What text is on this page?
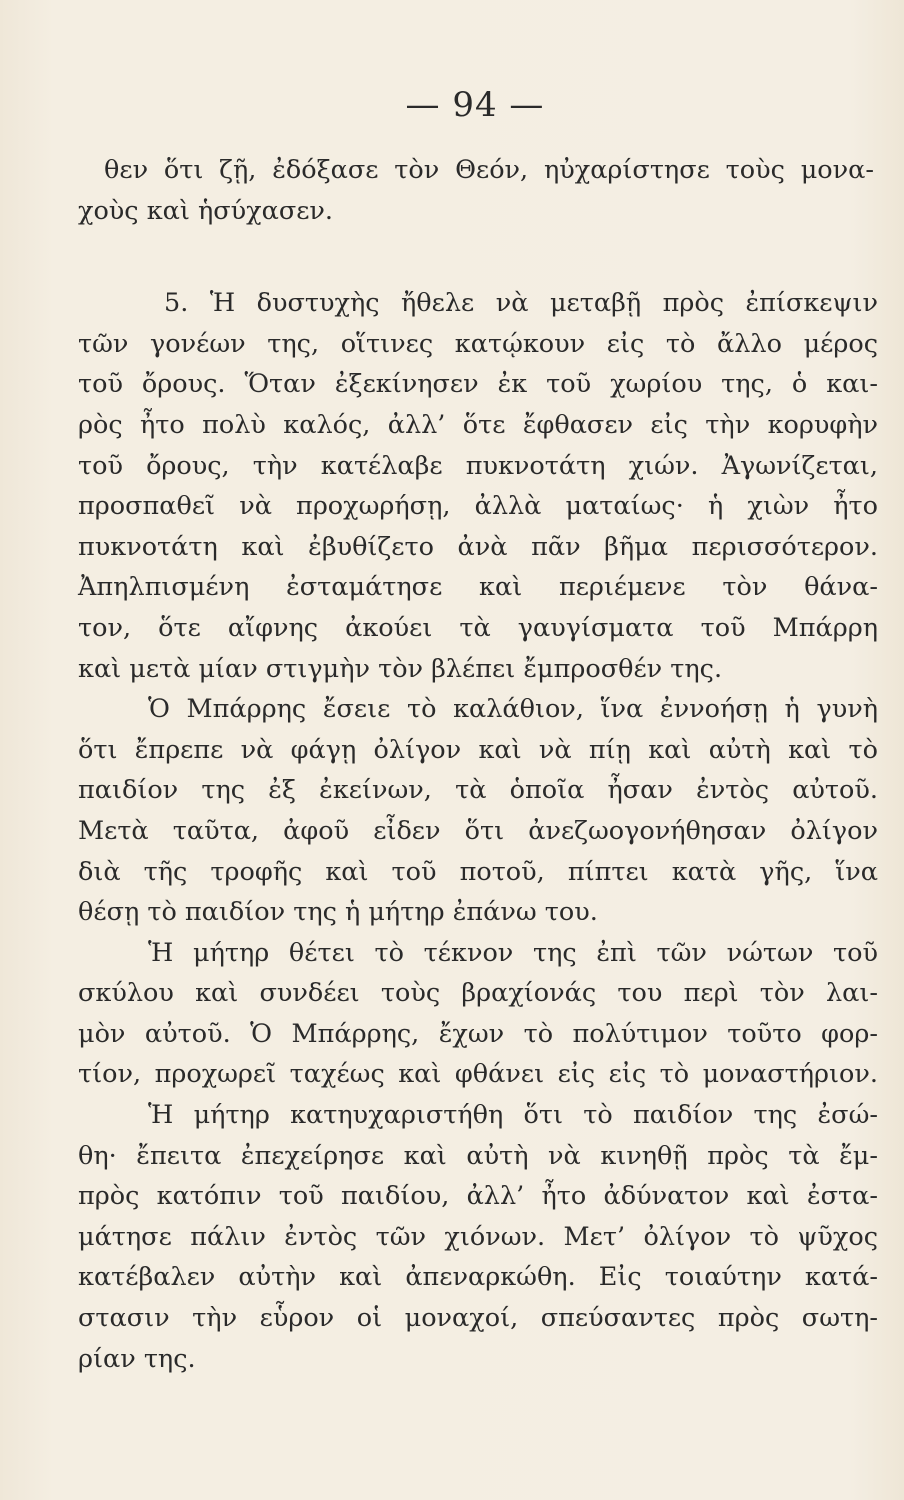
— 94 —
θεν ὅτι ζῇ, ἐδόξασε τὸν Θεόν, ηὐχαρίστησε τοὺς μονα-
χοὺς καὶ ἡσύχασεν.
5. Ἡ δυστυχὴς ἤθελε νὰ μεταβῇ πρὸς ἐπίσκεψιν
τῶν γονέων της, οἵτινες κατῴκουν εἰς τὸ ἄλλο μέρος
τοῦ ὄρους. Ὅταν ἐξεκίνησεν ἐκ τοῦ χωρίου της, ὁ και-
ρὸς ἦτο πολὺ καλός, ἀλλ’ ὅτε ἔφθασεν εἰς τὴν κορυφὴν
τοῦ ὄρους, τὴν κατέλαβε πυκνοτάτη χιών. Ἀγωνίζεται,
προσπαθεῖ νὰ προχωρήσῃ, ἀλλὰ ματαίως· ἡ χιὼν ἦτο
πυκνοτάτη καὶ ἐβυθίζετο ἀνὰ πᾶν βῆμα περισσότερον.
Ἀπηλπισμένη ἐσταμάτησε καὶ περιέμενε τὸν θάνα-
τον, ὅτε αἴφνης ἀκούει τὰ γαυγίσματα τοῦ Μπάρρη
καὶ μετὰ μίαν στιγμὴν τὸν βλέπει ἔμπροσθέν της.
Ὁ Μπάρρης ἔσειε τὸ καλάθιον, ἵνα ἐννοήσῃ ἡ γυνὴ
ὅτι ἔπρεπε νὰ φάγῃ ὀλίγον καὶ νὰ πίῃ καὶ αὐτὴ καὶ τὸ
παιδίον της ἐξ ἐκείνων, τὰ ὁποῖα ἦσαν ἐντὸς αὐτοῦ.
Μετὰ ταῦτα, ἀφοῦ εἶδεν ὅτι ἀνεζωογονήθησαν ὀλίγον
διὰ τῆς τροφῆς καὶ τοῦ ποτοῦ, πίπτει κατὰ γῆς, ἵνα
θέσῃ τὸ παιδίον της ἡ μήτηρ ἐπάνω του.
Ἡ μήτηρ θέτει τὸ τέκνον της ἐπὶ τῶν νώτων τοῦ
σκύλου καὶ συνδέει τοὺς βραχίονάς του περὶ τὸν λαι-
μὸν αὐτοῦ. Ὁ Μπάρρης, ἔχων τὸ πολύτιμον τοῦτο φορ-
τίον, προχωρεῖ ταχέως καὶ φθάνει εἰς εἰς τὸ μοναστήριον.
Ἡ μήτηρ κατηυχαριστήθη ὅτι τὸ παιδίον της ἐσώ-
θη· ἔπειτα ἐπεχείρησε καὶ αὐτὴ νὰ κινηθῇ πρὸς τὰ ἔμ-
πρὸς κατόπιν τοῦ παιδίου, ἀλλ’ ἦτο ἀδύνατον καὶ ἐστα-
μάτησε πάλιν ἐντὸς τῶν χιόνων. Μετ’ ὀλίγον τὸ ψῦχος
κατέβαλεν αὐτὴν καὶ ἀπεναρκώθη. Εἰς τοιαύτην κατά-
στασιν τὴν εὗρον οἱ μοναχοί, σπεύσαντες πρὸς σωτη-
ρίαν της.
